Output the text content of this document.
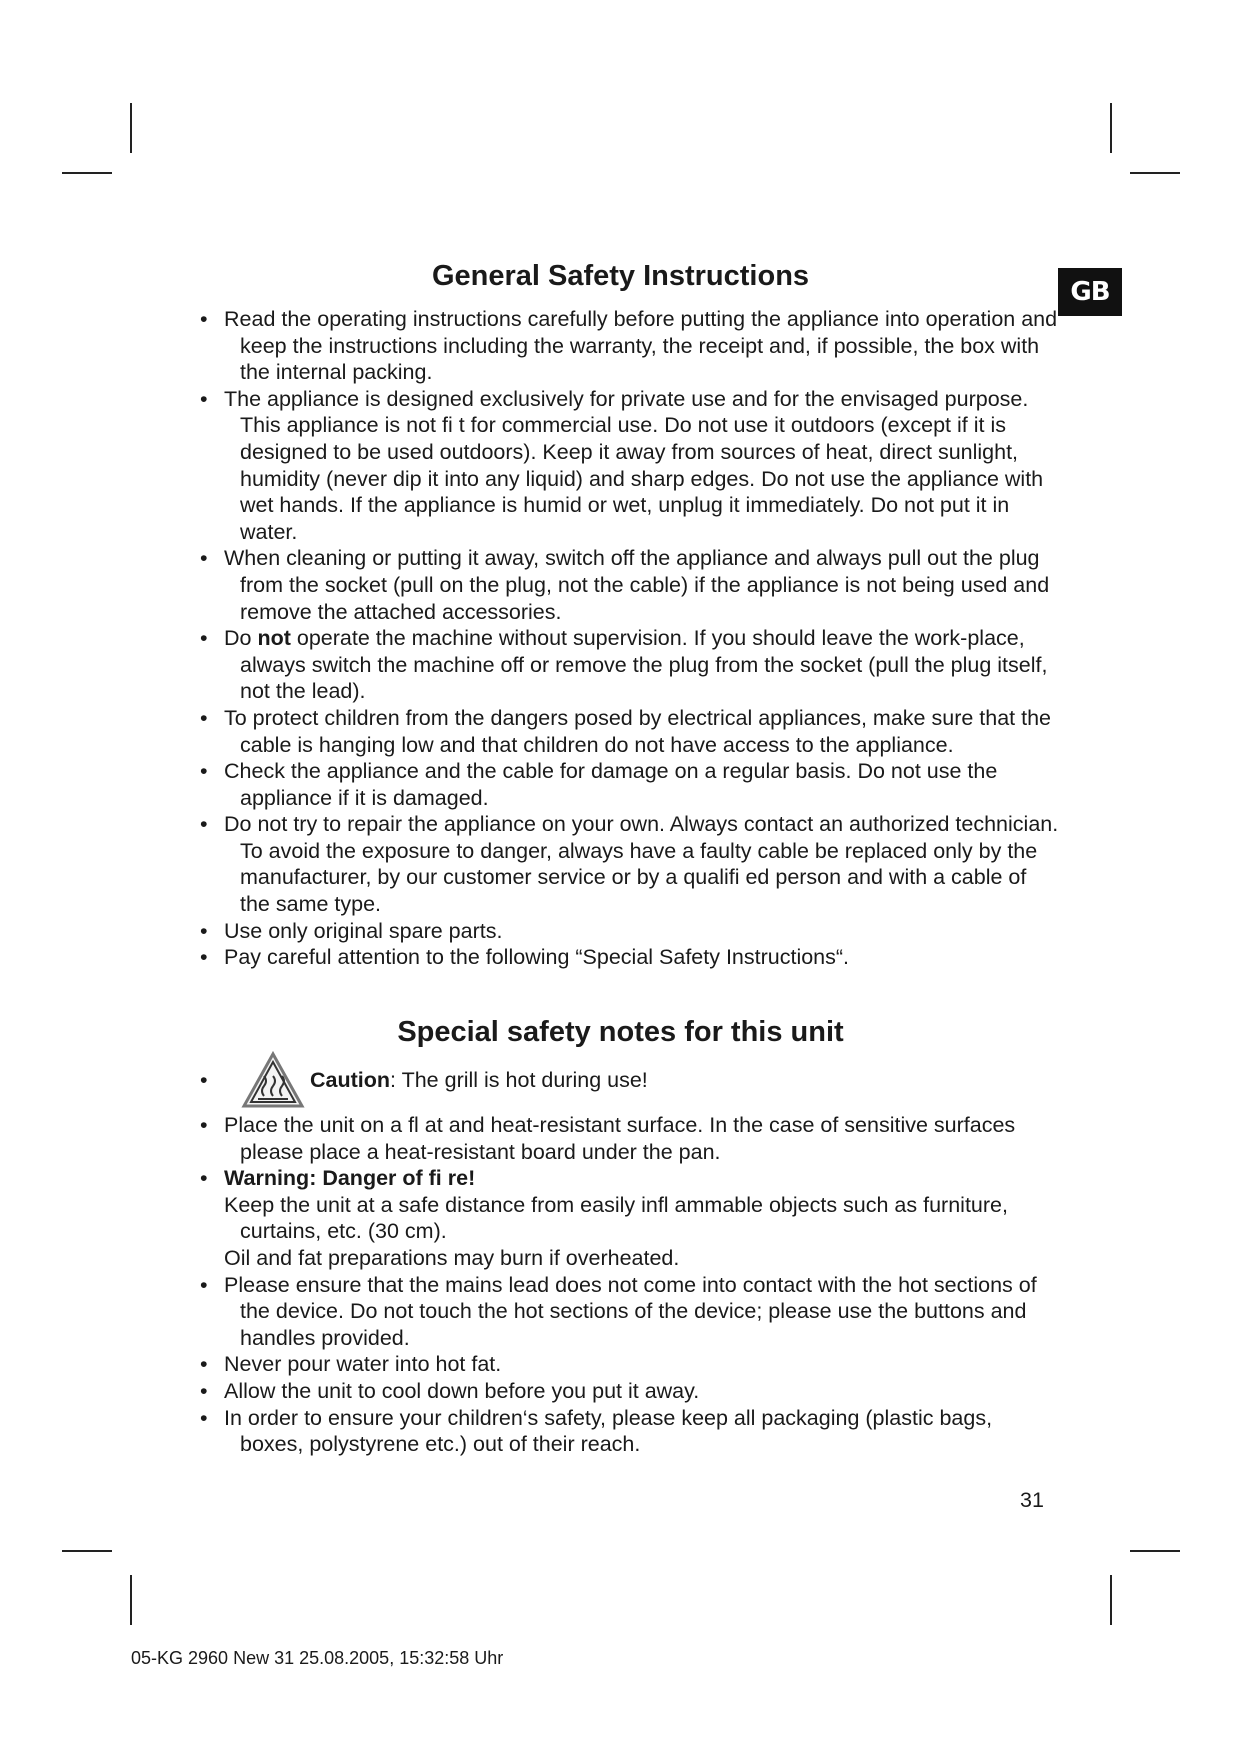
GB
General Safety Instructions
• Read the operating instructions carefully before putting the appliance into operation and keep the instructions including the warranty, the receipt and, if possible, the box with the internal packing.
• The appliance is designed exclusively for private use and for the envisaged purpose. This appliance is not fi t for commercial use. Do not use it outdoors (except if it is designed to be used outdoors). Keep it away from sources of heat, direct sunlight, humidity (never dip it into any liquid) and sharp edges. Do not use the appliance with wet hands. If the appliance is humid or wet, unplug it immediately. Do not put it in water.
• When cleaning or putting it away, switch off the appliance and always pull out the plug from the socket (pull on the plug, not the cable) if the appliance is not being used and remove the attached accessories.
• Do not operate the machine without supervision. If you should leave the work-place, always switch the machine off or remove the plug from the socket (pull the plug itself, not the lead).
• To protect children from the dangers posed by electrical appliances, make sure that the cable is hanging low and that children do not have access to the appliance.
• Check the appliance and the cable for damage on a regular basis. Do not use the appliance if it is damaged.
• Do not try to repair the appliance on your own. Always contact an authorized technician. To avoid the exposure to danger, always have a faulty cable be replaced only by the manufacturer, by our customer service or by a qualifi ed person and with a cable of the same type.
• Use only original spare parts.
• Pay careful attention to the following “Special Safety Instructions“.
Special safety notes for this unit
•	Caution : The grill is hot during use!
• Place the unit on a fl at and heat-resistant surface. In the case of sensitive surfaces please place a heat-resistant board under the pan.
• Warning: Danger of fi re!
Keep the unit at a safe distance from easily infl ammable objects such as furniture, curtains, etc. (30 cm).
Oil and fat preparations may burn if overheated.
• Please ensure that the mains lead does not come into contact with the hot sections of the device. Do not touch the hot sections of the device; please use the buttons and handles provided.
• Never pour water into hot fat.
• Allow the unit to cool down before you put it away.
• In order to ensure your children‘s safety, please keep all packaging (plastic bags, boxes, polystyrene etc.) out of their reach.
31
05-KG 2960 New 31 25.08.2005, 15:32:58 Uhr
